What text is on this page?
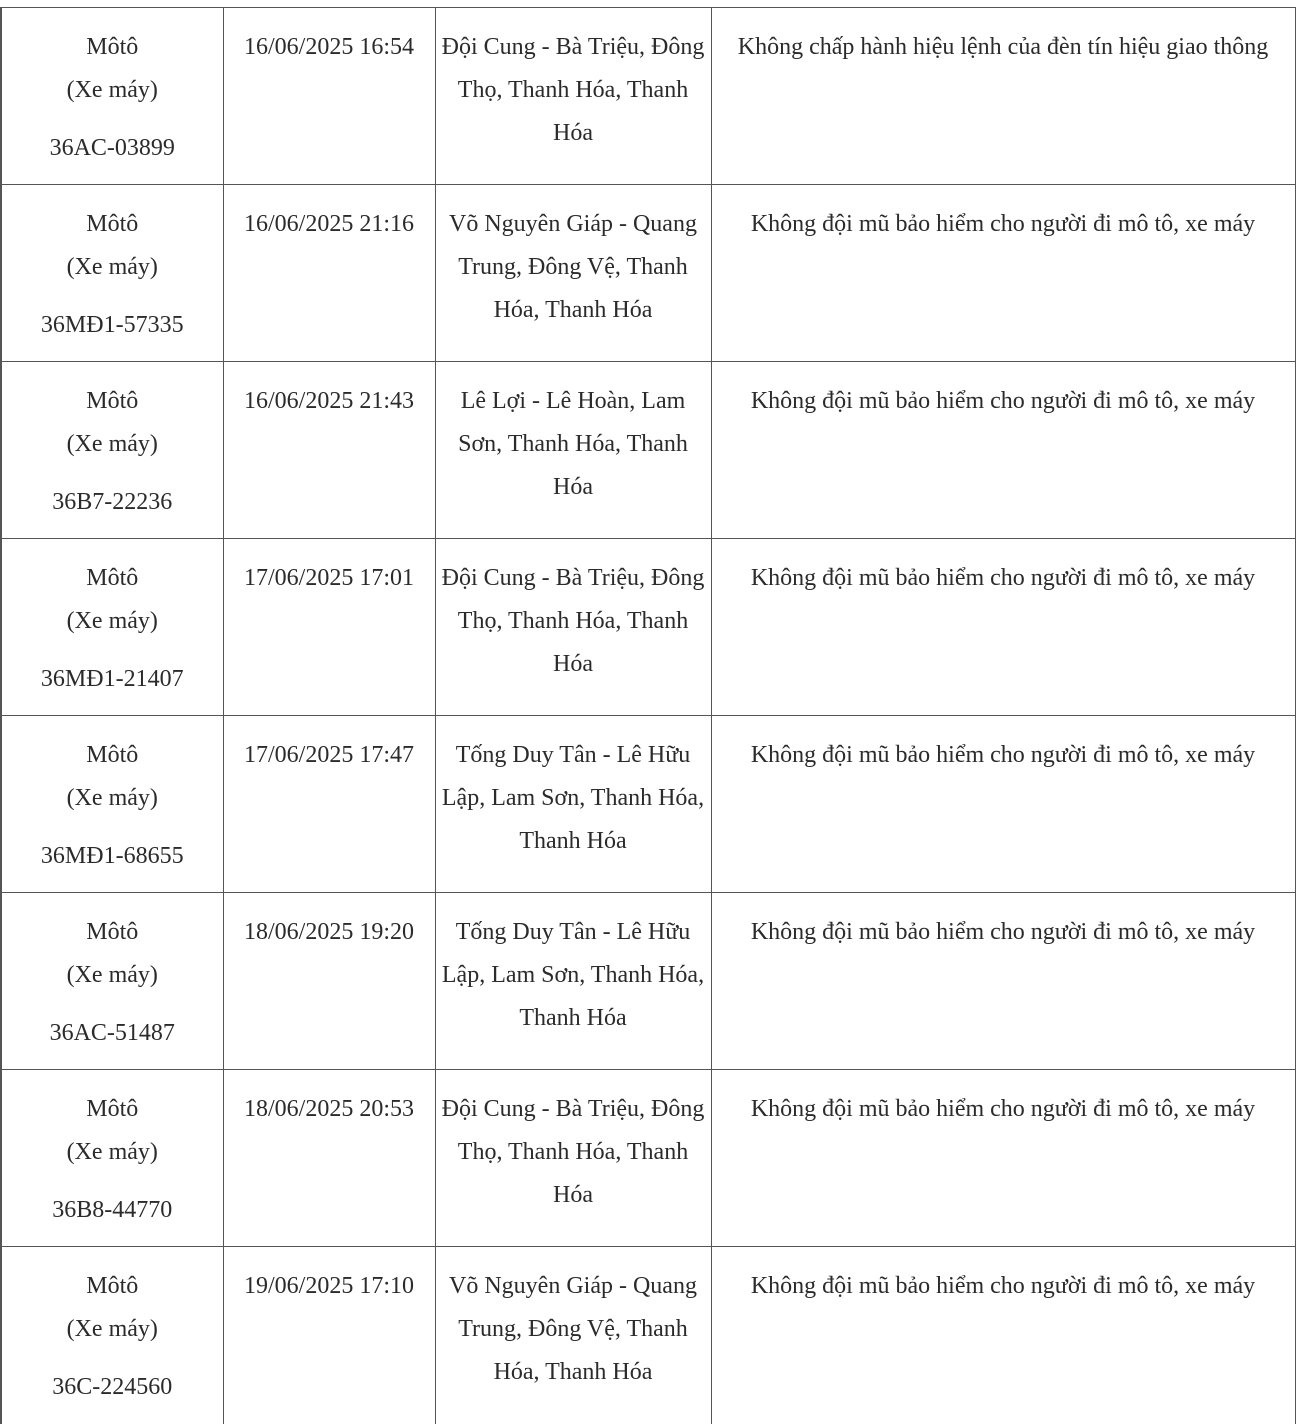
Môtô
(Xe máy)
36AC-03899	16/06/2025 16:54	Đội Cung - Bà Triệu, Đông Thọ, Thanh Hóa, Thanh Hóa	Không chấp hành hiệu lệnh của đèn tín hiệu giao thông

Môtô
(Xe máy)
36MĐ1-57335	16/06/2025 21:16	Võ Nguyên Giáp - Quang Trung, Đông Vệ, Thanh Hóa, Thanh Hóa	Không đội mũ bảo hiểm cho người đi mô tô, xe máy

Môtô
(Xe máy)
36B7-22236	16/06/2025 21:43	Lê Lợi - Lê Hoàn, Lam Sơn, Thanh Hóa, Thanh Hóa	Không đội mũ bảo hiểm cho người đi mô tô, xe máy

Môtô
(Xe máy)
36MĐ1-21407	17/06/2025 17:01	Đội Cung - Bà Triệu, Đông Thọ, Thanh Hóa, Thanh Hóa	Không đội mũ bảo hiểm cho người đi mô tô, xe máy

Môtô
(Xe máy)
36MĐ1-68655	17/06/2025 17:47	Tống Duy Tân - Lê Hữu Lập, Lam Sơn, Thanh Hóa, Thanh Hóa	Không đội mũ bảo hiểm cho người đi mô tô, xe máy

Môtô
(Xe máy)
36AC-51487	18/06/2025 19:20	Tống Duy Tân - Lê Hữu Lập, Lam Sơn, Thanh Hóa, Thanh Hóa	Không đội mũ bảo hiểm cho người đi mô tô, xe máy

Môtô
(Xe máy)
36B8-44770	18/06/2025 20:53	Đội Cung - Bà Triệu, Đông Thọ, Thanh Hóa, Thanh Hóa	Không đội mũ bảo hiểm cho người đi mô tô, xe máy

Môtô
(Xe máy)
36C-224560	19/06/2025 17:10	Võ Nguyên Giáp - Quang Trung, Đông Vệ, Thanh Hóa, Thanh Hóa	Không đội mũ bảo hiểm cho người đi mô tô, xe máy
